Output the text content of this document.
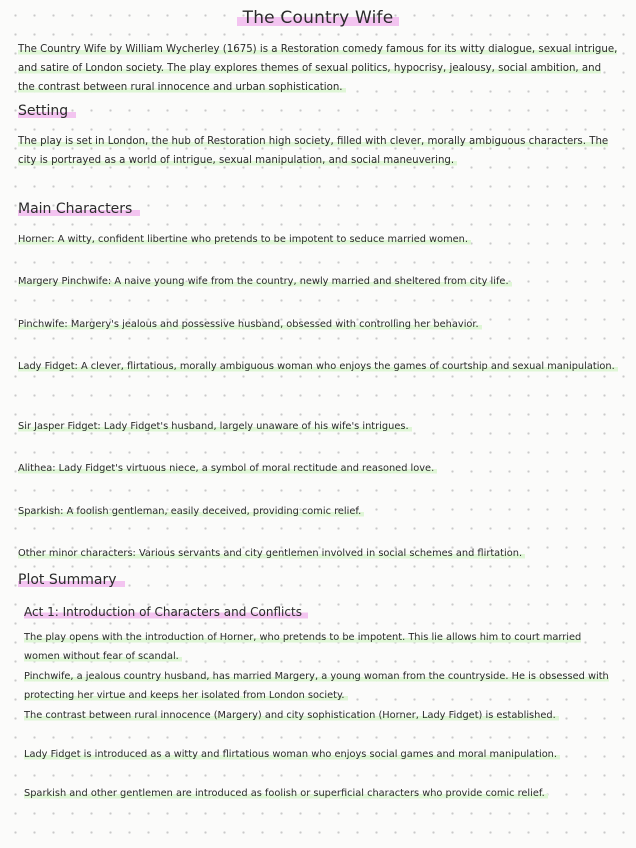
The Country Wife
The Country Wife by William Wycherley (1675) is a Restoration comedy famous for its witty dialogue, sexual intrigue, and satire of London society. The play explores themes of sexual politics, hypocrisy, jealousy, social ambition, and the contrast between rural innocence and urban sophistication.
Setting
The play is set in London, the hub of Restoration high society, filled with clever, morally ambiguous characters. The city is portrayed as a world of intrigue, sexual manipulation, and social maneuvering.
Main Characters
Horner: A witty, confident libertine who pretends to be impotent to seduce married women.
Margery Pinchwife: A naive young wife from the country, newly married and sheltered from city life.
Pinchwife: Margery's jealous and possessive husband, obsessed with controlling her behavior.
Lady Fidget: A clever, flirtatious, morally ambiguous woman who enjoys the games of courtship and sexual manipulation.
Sir Jasper Fidget: Lady Fidget's husband, largely unaware of his wife's intrigues.
Alithea: Lady Fidget's virtuous niece, a symbol of moral rectitude and reasoned love.
Sparkish: A foolish gentleman, easily deceived, providing comic relief.
Other minor characters: Various servants and city gentlemen involved in social schemes and flirtation.
Plot Summary
Act 1: Introduction of Characters and Conflicts
The play opens with the introduction of Horner, who pretends to be impotent. This lie allows him to court married women without fear of scandal.
Pinchwife, a jealous country husband, has married Margery, a young woman from the countryside. He is obsessed with protecting her virtue and keeps her isolated from London society.
The contrast between rural innocence (Margery) and city sophistication (Horner, Lady Fidget) is established.
Lady Fidget is introduced as a witty and flirtatious woman who enjoys social games and moral manipulation.
Sparkish and other gentlemen are introduced as foolish or superficial characters who provide comic relief.
